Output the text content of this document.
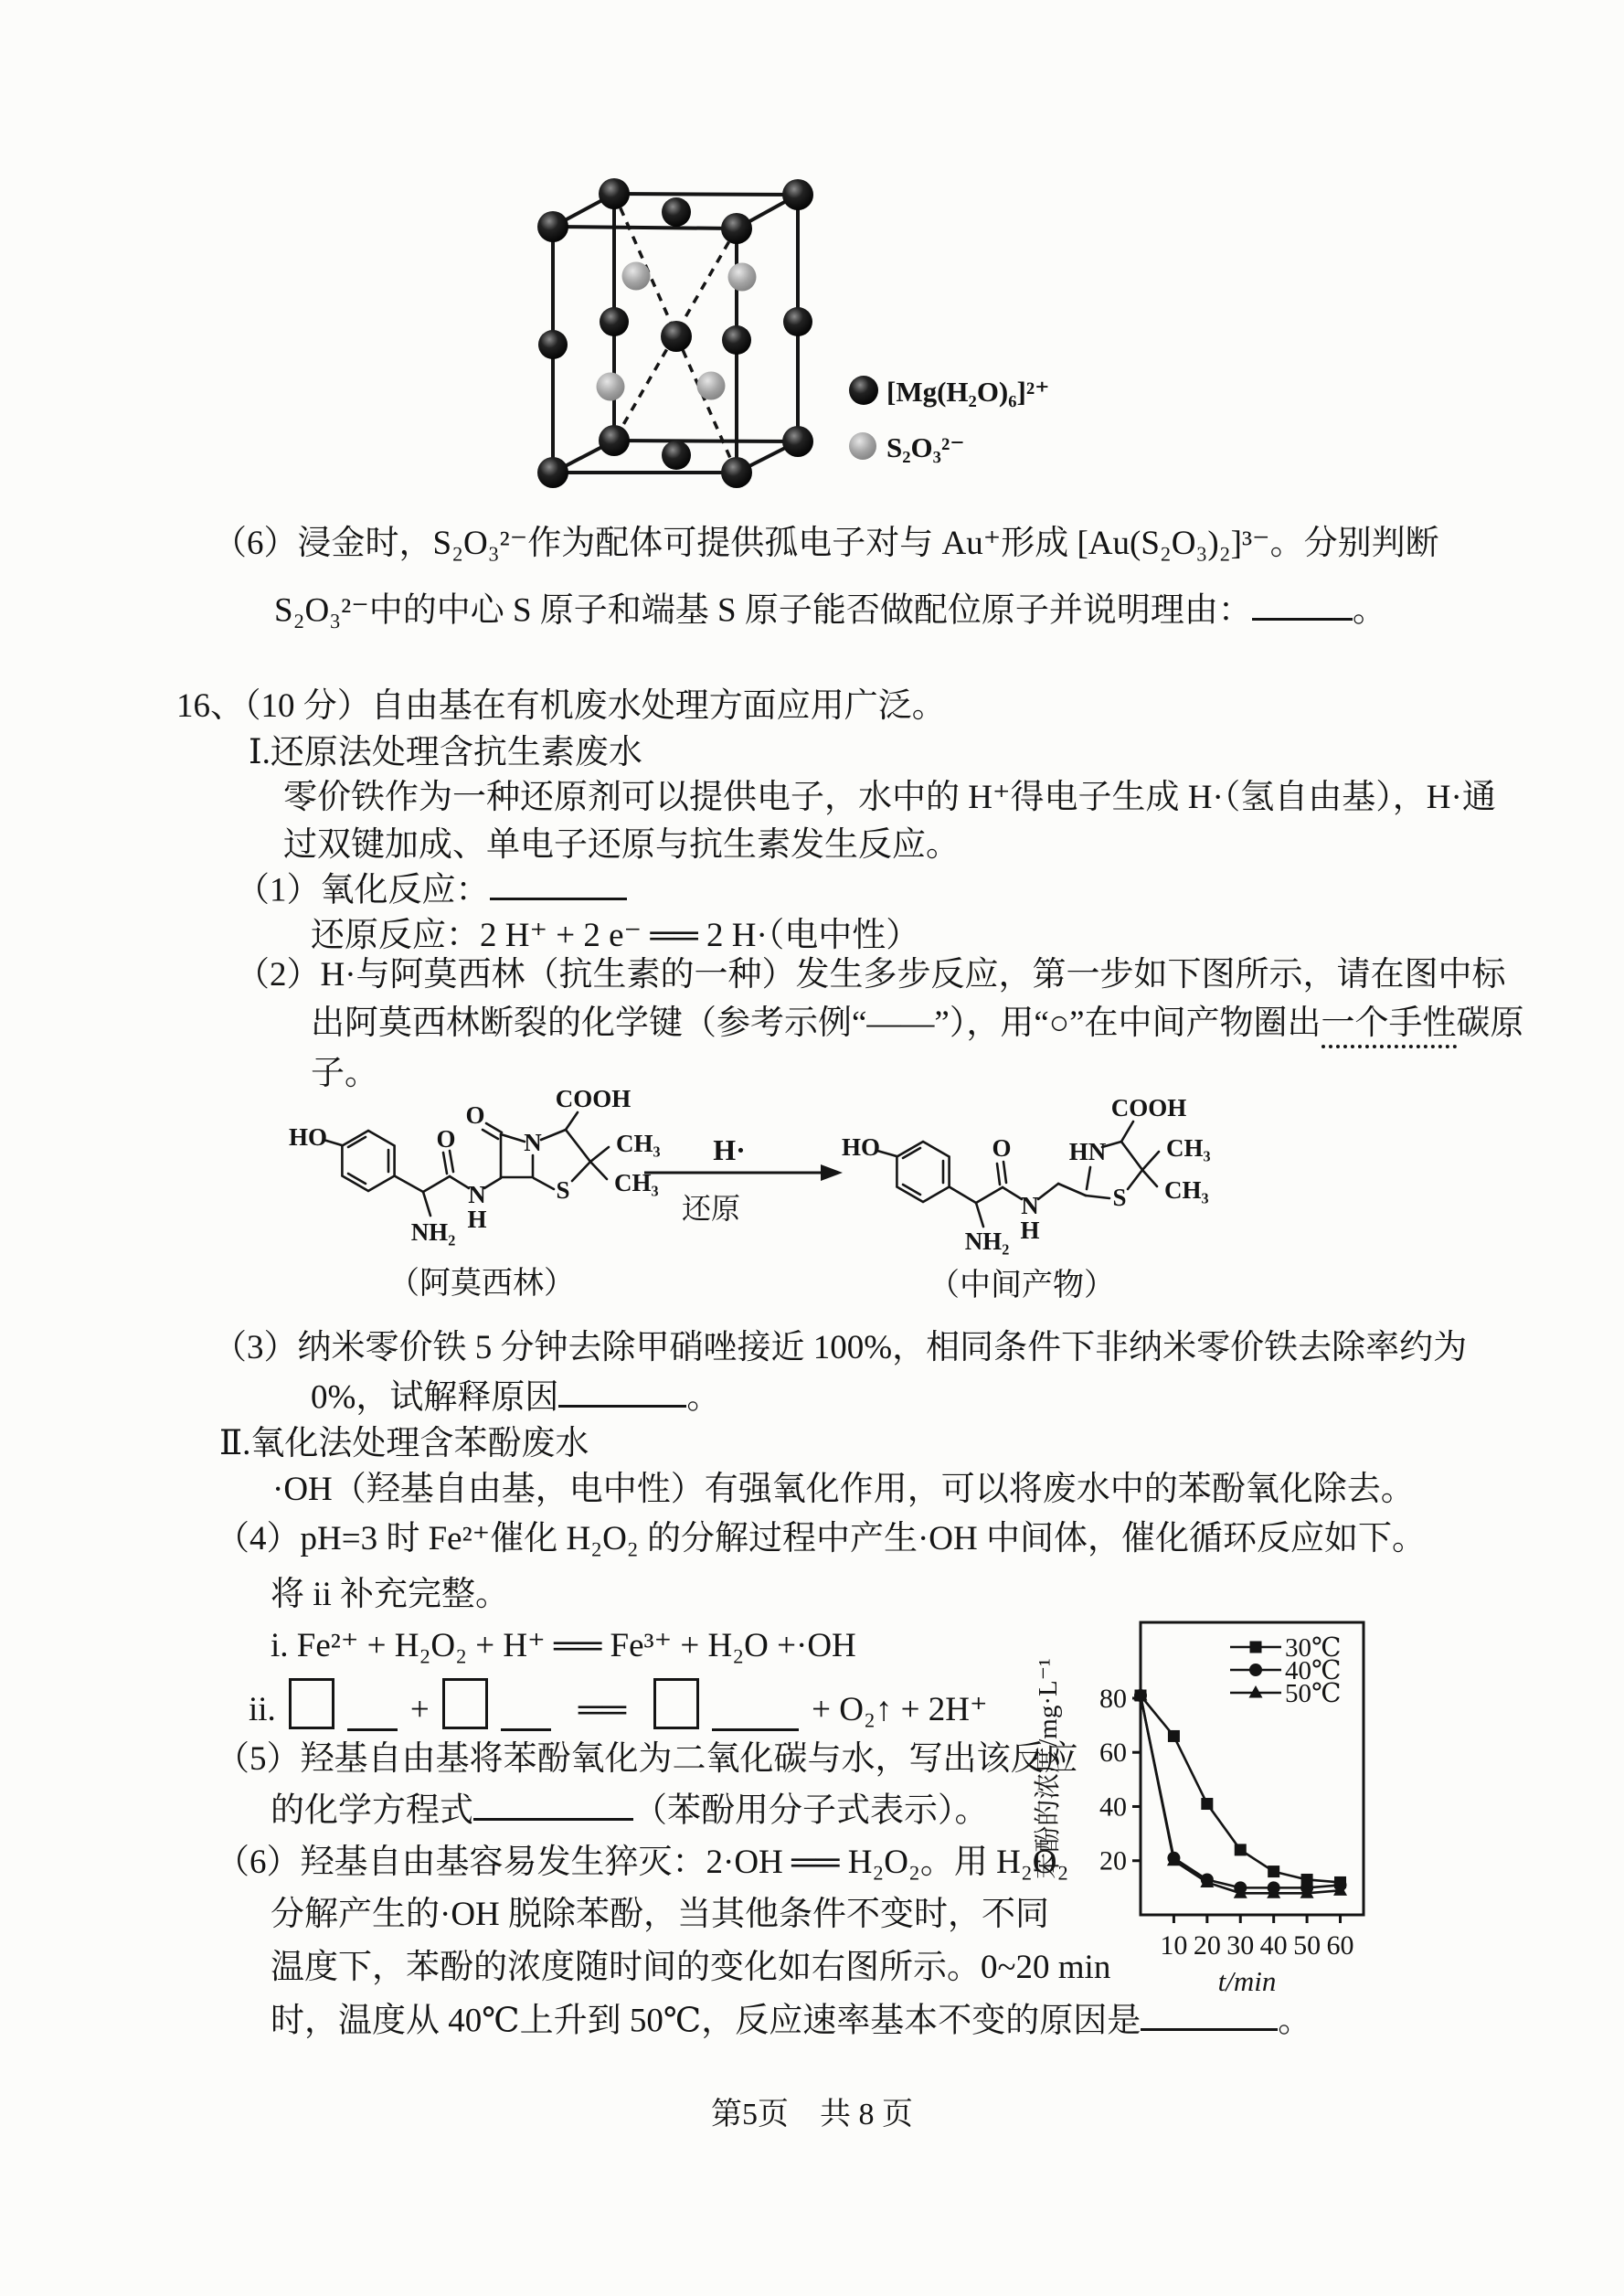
[Mg(H₂O)₆]²⁺
S₂O₃²⁻
（6）浸金时，S₂O₃²⁻作为配体可提供孤电子对与 Au⁺形成 [Au(S₂O₃)₂]³⁻。分别判断
S₂O₃²⁻中的中心 S 原子和端基 S 原子能否做配位原子并说明理由：	。
16、（10 分）自由基在有机废水处理方面应用广泛。
Ⅰ.还原法处理含抗生素废水
零价铁作为一种还原剂可以提供电子，水中的 H⁺得电子生成 H·（氢自由基），H·通
过双键加成、单电子还原与抗生素发生反应。
（1）氧化反应：
还原反应：2 H⁺ + 2 e⁻ ══ 2 H·（电中性）
（2）H·与阿莫西林（抗生素的一种）发生多步反应，第一步如下图所示，请在图中标
出阿莫西林断裂的化学键（参考示例“——”），用“○”在中间产物圈出一个手性碳原
子。
HO	O
O
N
H
NH₂
N
S
CH₃
CH₃
COOH
（阿莫西林）
H·
还原
HO	O
N
H
NH₂
HN
S
CH₃
CH₃
COOH
（中间产物）
（3）纳米零价铁 5 分钟去除甲硝唑接近 100%，相同条件下非纳米零价铁去除率约为
0%，试解释原因	。
Ⅱ.氧化法处理含苯酚废水
·OH（羟基自由基，电中性）有强氧化作用，可以将废水中的苯酚氧化除去。
（4）pH=3 时 Fe²⁺催化 H₂O₂ 的分解过程中产生·OH 中间体，催化循环反应如下。
将 ii 补充完整。
i. Fe²⁺ + H₂O₂ + H⁺ ══ Fe³⁺ + H₂O +·OH
ii.	+	══	+ O₂↑ + 2H⁺
（5）羟基自由基将苯酚氧化为二氧化碳与水，写出该反应
的化学方程式	（苯酚用分子式表示）。
（6）羟基自由基容易发生猝灭：2·OH ══ H₂O₂。用 H₂O₂
分解产生的·OH 脱除苯酚，当其他条件不变时，不同
温度下，苯酚的浓度随时间的变化如右图所示。0~20 min
时，温度从 40℃上升到 50℃，反应速率基本不变的原因是	。
20
40
60
80
10 20 30 40 50 60
t/min
苯酚的浓度/mg·L⁻¹
30℃
40℃
50℃
第5页　共 8 页
